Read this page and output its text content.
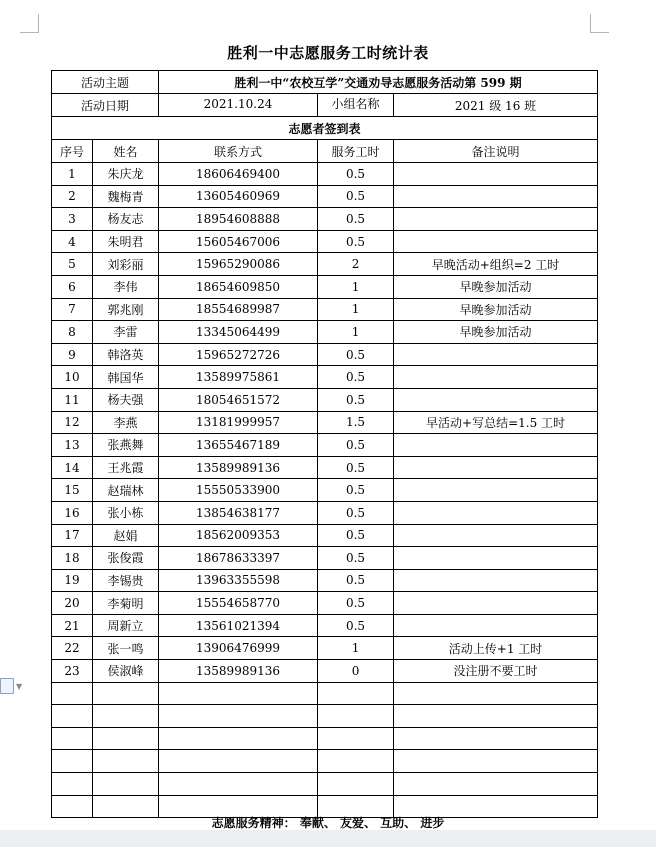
胜利一中志愿服务工时统计表
活动主题		胜利一中“农校互学”交通劝导志愿服务活动第 599 期		
活动日期		2021.10.24 小组名称		2021 级 16 班
志愿者签到表				
序号	姓名	联系方式	服务工时	备注说明
1	朱庆龙	18606469400	0.5	
2	魏梅青	13605460969	0.5	
3	杨友志	18954608888	0.5	
4	朱明君	15605467006	0.5	
5	刘彩丽	15965290086	2	早晚活动+组织=2 工时
6	李伟	18654609850	1	早晚参加活动
7	郭兆刚	18554689987	1	早晚参加活动
8	李雷	13345064499	1	早晚参加活动
9	韩洛英	15965272726	0.5	
10	韩国华	13589975861	0.5	
11	杨夫强	18054651572	0.5	
12	李燕	13181999957	1.5	早活动+写总结=1.5 工时
13	张燕舞	13655467189	0.5	
14	王兆霞	13589989136	0.5	
15	赵瑞林	15550533900	0.5	
16	张小栋	13854638177	0.5	
17	赵娟	18562009353	0.5	
18	张俊霞	18678633397	0.5	
19	李锡贵	13963355598	0.5	
20	李菊明	15554658770	0.5	
21	周新立	13561021394	0.5	
22	张一鸣	13906476999	1	活动上传+1 工时
23	侯淑峰	13589989136	0	没注册不要工时

志愿服务精神： 奉献、 友爱、 互助、 进步
▼
